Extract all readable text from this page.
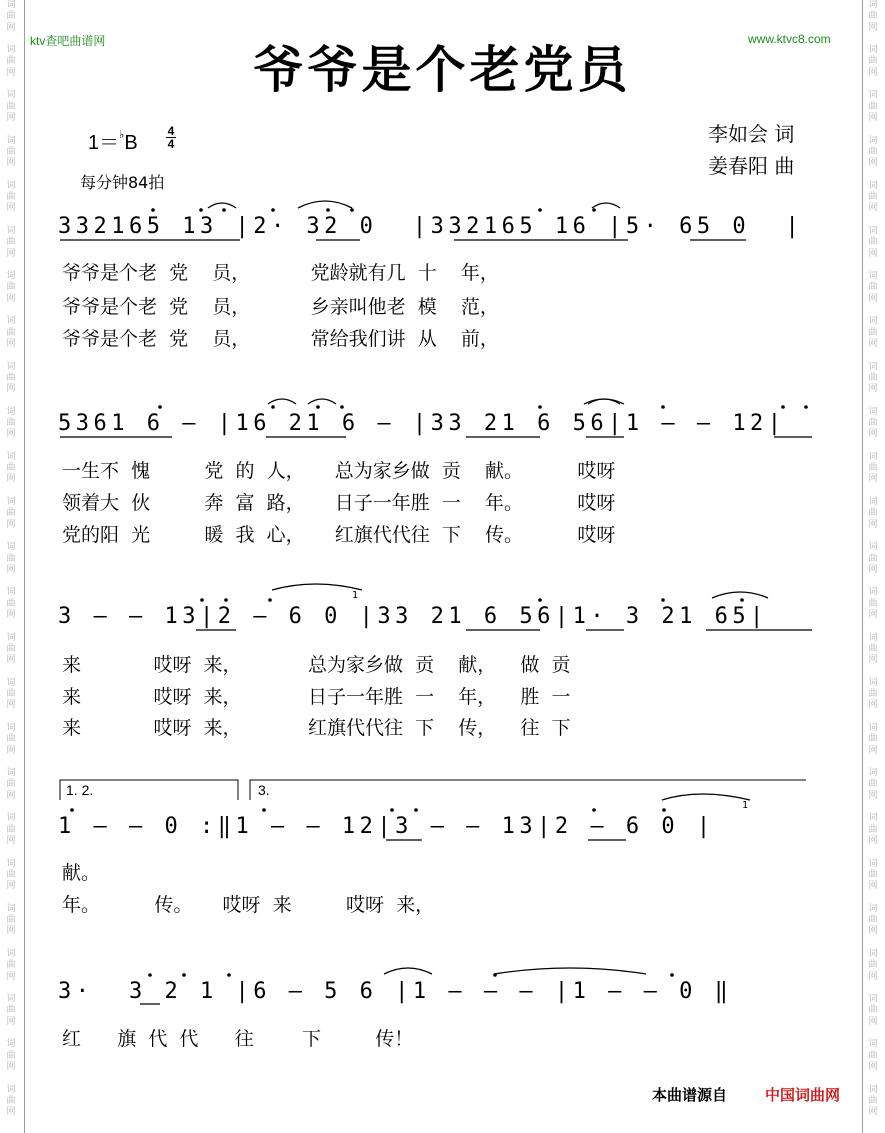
词
曲
网

词
曲
网

词
曲
网

词
曲
网

词
曲
网

词
曲
网

词
曲
网

词
曲
网

词
曲
网

词
曲
网

词
曲
网

词
曲
网

词
曲
网

词
曲
网

词
曲
网

词
曲
网

词
曲
网

词
曲
网

词
曲
网

词
曲
网

词
曲
网

词
曲
网

词
曲
网

词
曲
网

词
曲
网
词
曲
网

词
曲
网

词
曲
网

词
曲
网

词
曲
网

词
曲
网

词
曲
网

词
曲
网

词
曲
网

词
曲
网

词
曲
网

词
曲
网

词
曲
网

词
曲
网

词
曲
网

词
曲
网

词
曲
网

词
曲
网

词
曲
网

词
曲
网

词
曲
网

词
曲
网

词
曲
网

词
曲
网

词
曲
网
ktv查吧曲谱网	www.ktvc8.com
爷爷是个老党员
李如会 词
姜春阳 曲
1＝♭B
4
4
每分钟84拍
332165 13 |2· 32 0  |332165 16 |5· 65 0  |
爷爷是个老  党    员，          党龄就有几  十    年，
爷爷是个老  党    员，          乡亲叫他老  模    范，
爷爷是个老  党    员，          常给我们讲  从    前，
5361 6 — |16 21 6 — |33 21 6 56|1 — — 12|
一生不  愧         党  的  人，     总为家乡做  贡    献。         哎呀
领着大  伙         奔  富  路，     日子一年胜  一    年。         哎呀
党的阳  光         暖  我  心，     红旗代代往  下    传。         哎呀
3 — — 13|2 — 6 0 |33 21 6 56|1· 3 21 65|
1
来            哎呀  来，           总为家乡做  贡    献，    做  贡
来            哎呀  来，           日子一年胜  一    年，    胜  一
来            哎呀  来，           红旗代代往  下    传，    往  下
1. 2.	3.
1 — — 0 :‖1 — — 12|3 — — 13|2 — 6 0 |
1
献。
年。         传。     哎呀  来         哎呀  来，
3·  3 2 1 |6 — 5 6 |1 — — — |1 — — 0 ‖
红      旗  代  代      往        下         传！
本曲谱源自	中国词曲网
